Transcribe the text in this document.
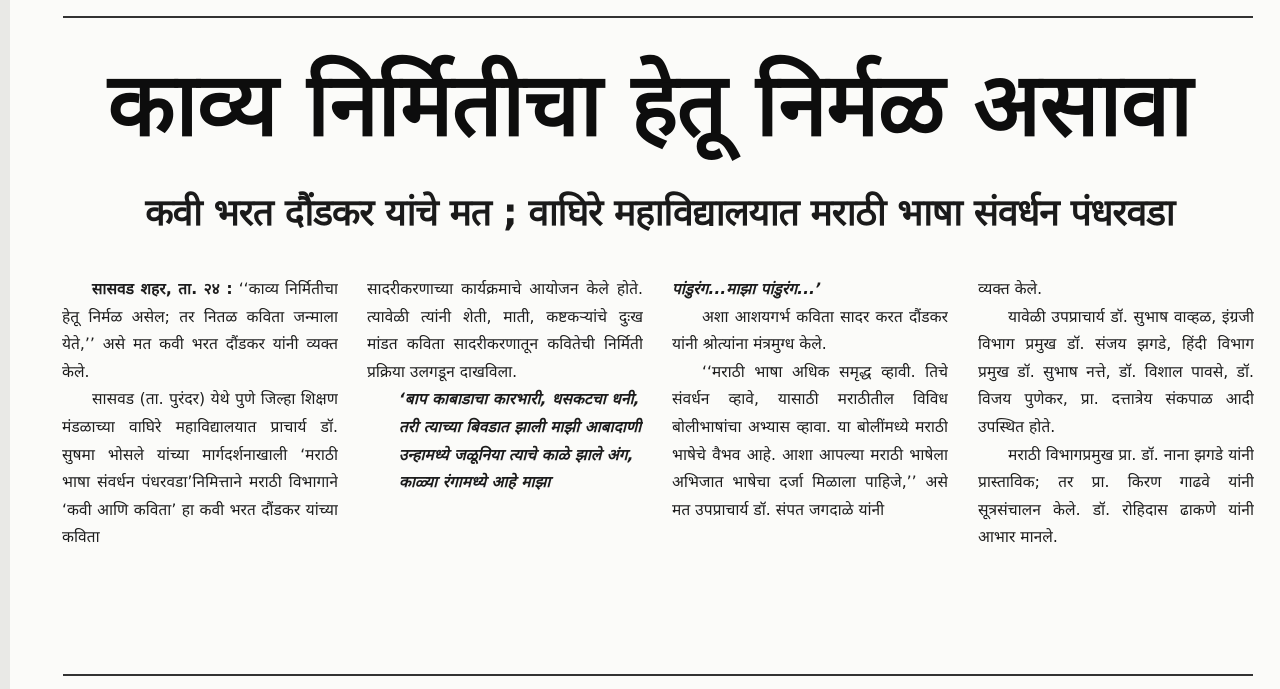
काव्य निर्मितीचा हेतू निर्मळ असावा
कवी भरत दौंडकर यांचे मत ; वाघिरे महाविद्यालयात मराठी भाषा संवर्धन पंधरवडा

सासवड शहर, ता. २४ : ‘‘काव्य निर्मितीचा हेतू निर्मळ असेल; तर नितळ कविता जन्माला येते,’’ असे मत कवी भरत दौंडकर यांनी व्यक्त केले.

सासवड (ता. पुरंदर) येथे पुणे जिल्हा शिक्षण मंडळाच्या वाघिरे महाविद्यालयात प्राचार्य डॉ. सुषमा भोसले यांच्या मार्गदर्शनाखाली ‘मराठी भाषा संवर्धन पंधरवडा’निमित्ताने मराठी विभागाने ‘कवी आणि कविता’ हा कवी भरत दौंडकर यांच्या कविता

सादरीकरणाच्या कार्यक्रमाचे आयोजन केले होते. त्यावेळी त्यांनी शेती, माती, कष्टकऱ्यांचे दुःख मांडत कविता सादरीकरणातून कवितेची निर्मिती प्रक्रिया उलगडून दाखविला.

‘बाप काबाडाचा कारभारी, धसकटचा धनी,

तरी त्याच्या बिवडात झाली माझी आबादाणी

उन्हामध्ये जळूनिया त्याचे काळे झाले अंग,

काळ्या रंगामध्ये आहे माझा

पांडुरंग...माझा पांडुरंग...’

अशा आशयगर्भ कविता सादर करत दौंडकर यांनी श्रोत्यांना मंत्रमुग्ध केले.

‘‘मराठी भाषा अधिक समृद्ध व्हावी. तिचे संवर्धन व्हावे, यासाठी मराठीतील विविध बोलीभाषांचा अभ्यास व्हावा. या बोलींमध्ये मराठी भाषेचे वैभव आहे. आशा आपल्या मराठी भाषेला अभिजात भाषेचा दर्जा मिळाला पाहिजे,’’ असे मत उपप्राचार्य डॉ. संपत जगदाळे यांनी

व्यक्त केले.

यावेळी उपप्राचार्य डॉ. सुभाष वाव्हळ, इंग्रजी विभाग प्रमुख डॉ. संजय झगडे, हिंदी विभाग प्रमुख डॉ. सुभाष नत्ते, डॉ. विशाल पावसे, डॉ. विजय पुणेकर, प्रा. दत्तात्रेय संकपाळ आदी उपस्थित होते.

मराठी विभागप्रमुख प्रा. डॉ. नाना झगडे यांनी प्रास्ताविक; तर प्रा. किरण गाढवे यांनी सूत्रसंचालन केले. डॉ. रोहिदास ढाकणे यांनी आभार मानले.
